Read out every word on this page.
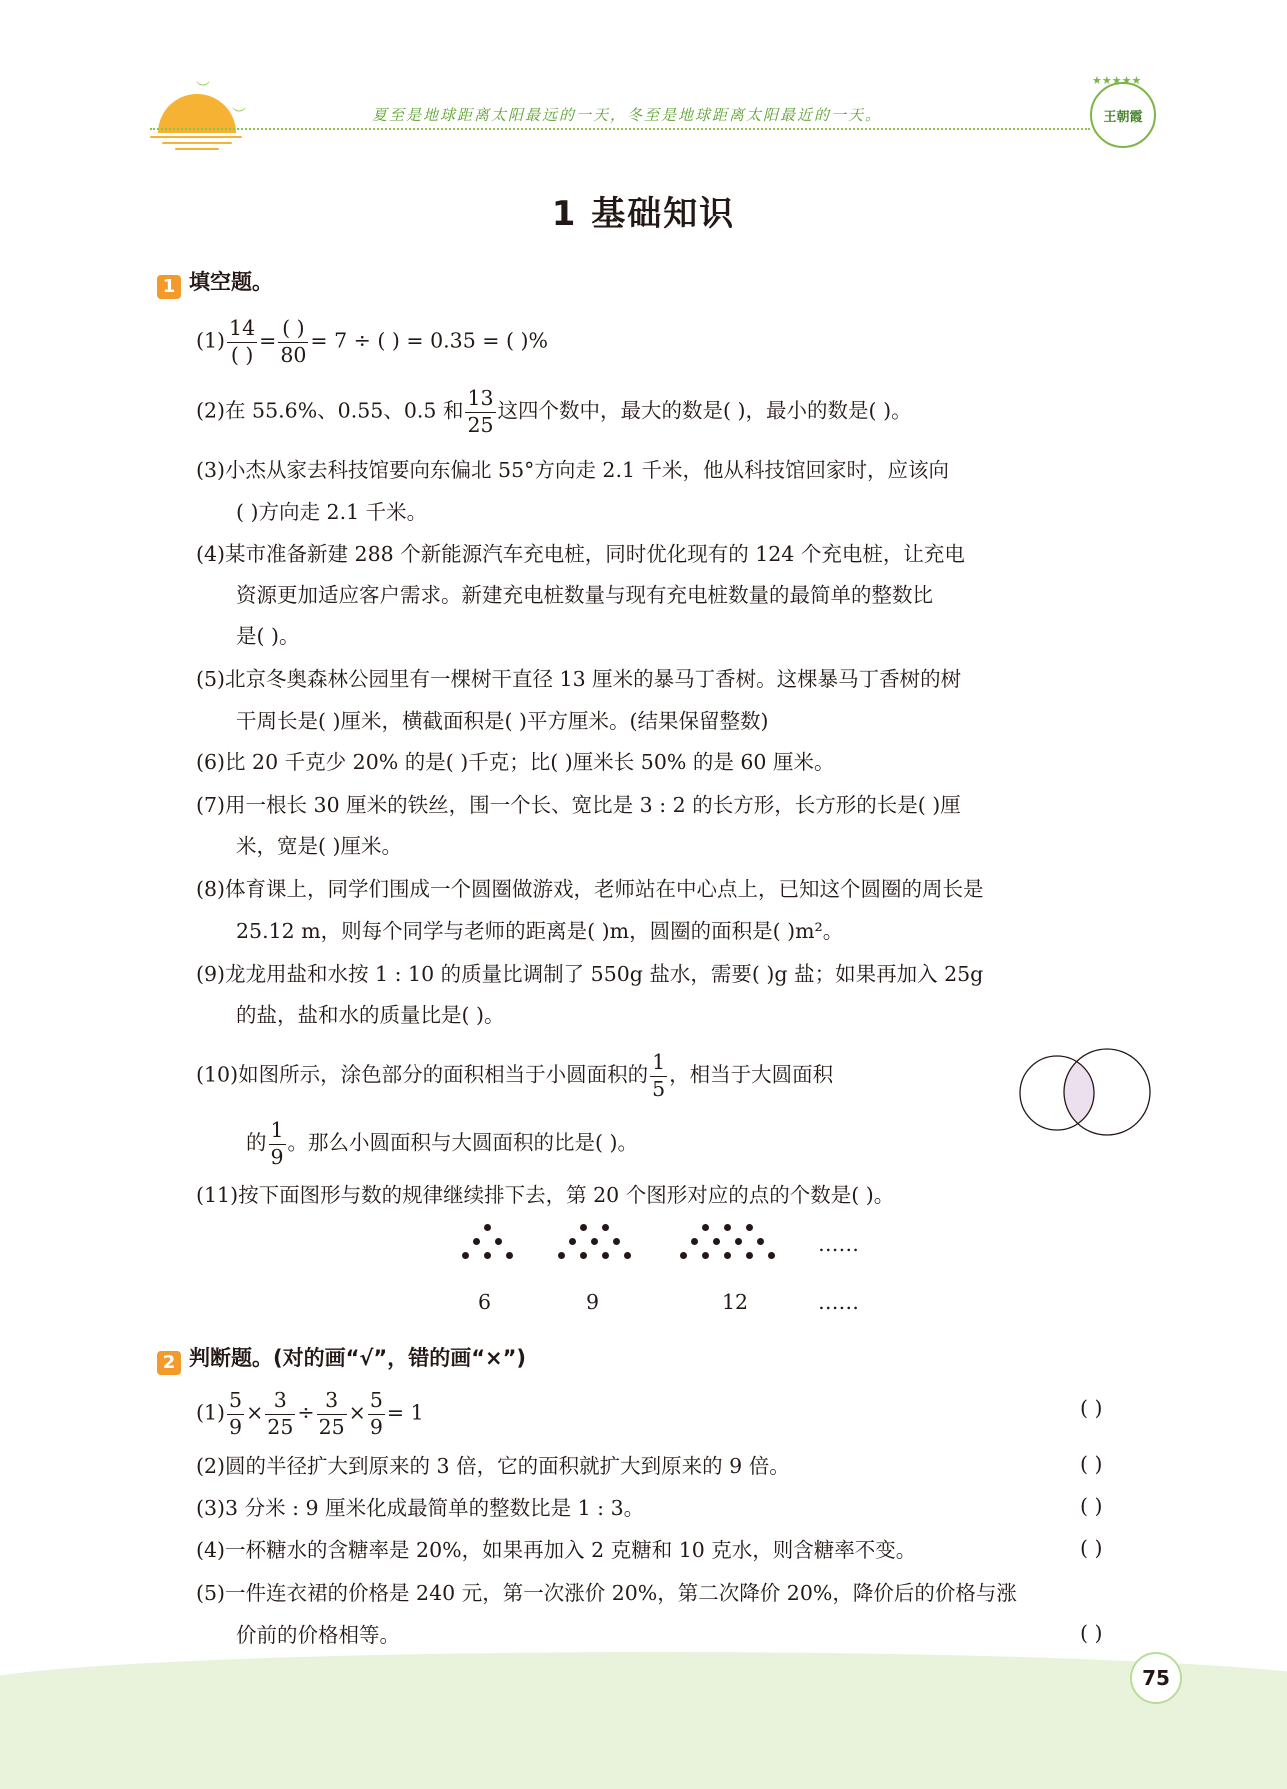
︶
︶	夏至是地球距离太阳最远的一天，冬至是地球距离太阳最近的一天。
★★★★★
王朝霞
1 基础知识
1 填空题。
$(1) \frac{14}{( )} = \frac{( )}{80} = 7$ ÷ ( ) = 0.35 = ( )%
(2)在 55.6%、0.55、0.5 和 $\frac{13}{25}$ 这四个数中，最大的数是( )，最小的数是( )。
(3)小杰从家去科技馆要向东偏北 55°方向走 2.1 千米，他从科技馆回家时，应该向
( )方向走 2.1 千米。
(4)某市准备新建 288 个新能源汽车充电桩，同时优化现有的 124 个充电桩，让充电
资源更加适应客户需求。新建充电桩数量与现有充电桩数量的最简单的整数比
是( )。
(5)北京冬奥森林公园里有一棵树干直径 13 厘米的暴马丁香树。这棵暴马丁香树的树
干周长是( )厘米，横截面积是( )平方厘米。(结果保留整数)
(6)比 20 千克少 20% 的是( )千克；比( )厘米长 50% 的是 60 厘米。
(7)用一根长 30 厘米的铁丝，围一个长、宽比是 3 : 2 的长方形，长方形的长是( )厘
米，宽是( )厘米。
(8)体育课上，同学们围成一个圆圈做游戏，老师站在中心点上，已知这个圆圈的周长是
25.12 m，则每个同学与老师的距离是( )m，圆圈的面积是( )m²。
(9)龙龙用盐和水按 1 : 10 的质量比调制了 550g 盐水，需要( )g 盐；如果再加入 25g
的盐，盐和水的质量比是( )。
(10)如图所示，涂色部分的面积相当于小圆面积的 $\frac{1}{5}$ ，相当于大圆面积
的 $\frac{1}{9}$ 。那么小圆面积与大圆面积的比是( )。
(11)按下面图形与数的规律继续排下去，第 20 个图形对应的点的个数是( )。
……
6	9	12	……
2 判断题。(对的画“√”，错的画“×”)
$(1) \frac{5}{9} \times \frac{3}{25} \div \frac{3}{25} \times \frac{5}{9} = 1$	( )
(2)圆的半径扩大到原来的 3 倍，它的面积就扩大到原来的 9 倍。	( )
(3)3 分米 : 9 厘米化成最简单的整数比是 1 : 3。	( )
(4)一杯糖水的含糖率是 20%，如果再加入 2 克糖和 10 克水，则含糖率不变。	( )
(5)一件连衣裙的价格是 240 元，第一次涨价 20%，第二次降价 20%，降价后的价格与涨
价前的价格相等。	( )
75
